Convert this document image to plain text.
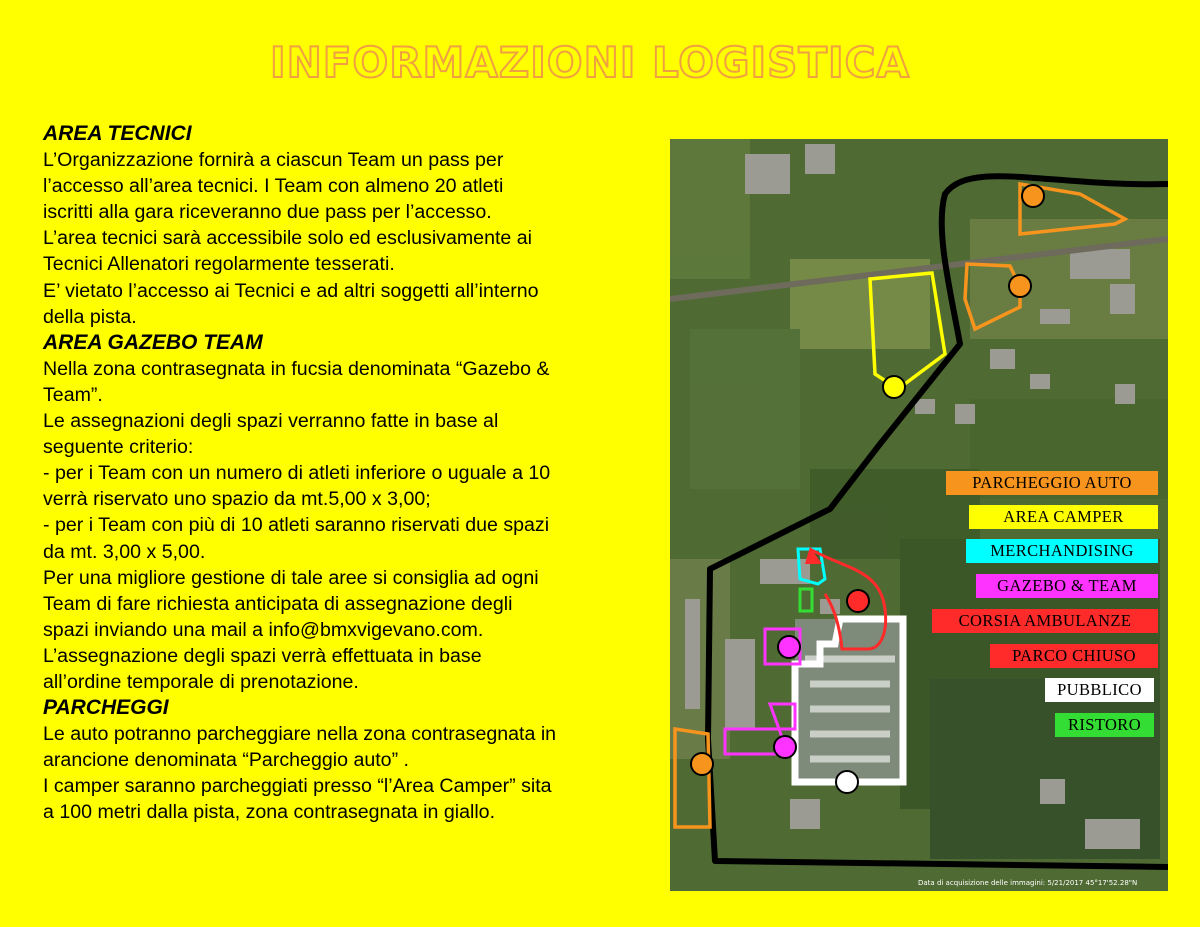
INFORMAZIONI LOGISTICA
AREA TECNICI
L’Organizzazione fornirà a ciascun Team un pass per
l’accesso all’area tecnici. I Team con almeno 20 atleti
iscritti alla gara riceveranno due pass per l’accesso.
L’area tecnici sarà accessibile solo ed esclusivamente ai
Tecnici Allenatori regolarmente tesserati.
E’ vietato l’accesso ai Tecnici e ad altri soggetti all’interno
della pista.
AREA GAZEBO TEAM
Nella zona contrasegnata in fucsia denominata “Gazebo &
Team”.
Le assegnazioni degli spazi verranno fatte in base al
seguente criterio:
- per i Team con un numero di atleti inferiore o uguale a 10
verrà riservato uno spazio da mt.5,00 x 3,00;
- per i Team con più di 10 atleti saranno riservati due spazi
da mt. 3,00 x 5,00.
Per una migliore gestione di tale aree si consiglia ad ogni
Team di fare richiesta anticipata di assegnazione degli
spazi inviando una mail a info@bmxvigevano.com.
L’assegnazione degli spazi verrà effettuata in base
all’ordine temporale di prenotazione.
PARCHEGGI
Le auto potranno parcheggiare nella zona contrasegnata in
arancione denominata “Parcheggio auto” .
I camper saranno parcheggiati presso “l’Area Camper” sita
a 100 metri dalla pista, zona contrasegnata in giallo.
PARCHEGGIO AUTO
AREA CAMPER
MERCHANDISING
GAZEBO & TEAM
CORSIA AMBULANZE
PARCO CHIUSO
PUBBLICO
RISTORO
Data di acquisizione delle immagini: 5/21/2017 45°17'52.28"N
